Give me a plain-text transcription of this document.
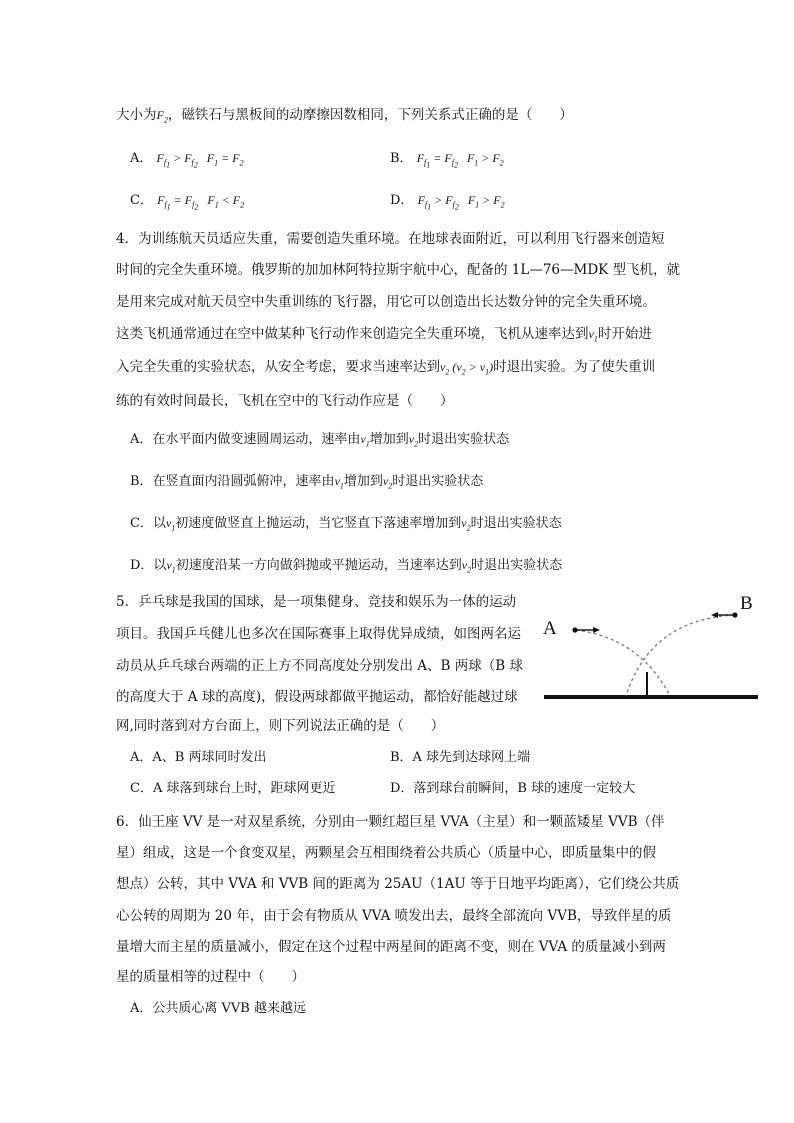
大小为$F_2$，磁铁石与黑板间的动摩擦因数相同，下列关系式正确的是（　　）
A． $F_{f_1} > F_{f_2}$   $F_1 = F_2$	B． $F_{f_1} = F_{f_2}$   $F_1 > F_2$
C． $F_{f_1} = F_{f_2}$   $F_1 < F_2$	D． $F_{f_1} > F_{f_2}$   $F_1 > F_2$
4．为训练航天员适应失重，需要创造失重环境。在地球表面附近，可以利用飞行器来创造短
时间的完全失重环境。俄罗斯的加加林阿特拉斯宇航中心，配备的 1L—76—MDK 型飞机，就
是用来完成对航天员空中失重训练的飞行器，用它可以创造出长达数分钟的完全失重环境。
这类飞机通常通过在空中做某种飞行动作来创造完全失重环境，飞机从速率达到$v_1$时开始进
入完全失重的实验状态，从安全考虑，要求当速率达到$v_2$ $(v_2 > v_1)$时退出实验。为了使失重训
练的有效时间最长，飞机在空中的飞行动作应是（　　）
A．在水平面内做变速圆周运动，速率由$v_1$增加到$v_2$时退出实验状态
B．在竖直面内沿圆弧俯冲，速率由$v_1$增加到$v_2$时退出实验状态
C．以$v_1$初速度做竖直上抛运动，当它竖直下落速率增加到$v_2$时退出实验状态
D．以$v_1$初速度沿某一方向做斜抛或平抛运动，当速率达到$v_2$时退出实验状态
5．乒乓球是我国的国球，是一项集健身、竞技和娱乐为一体的运动
项目。我国乒乓健儿也多次在国际赛事上取得优异成绩，如图两名运
动员从乒乓球台两端的正上方不同高度处分别发出 A、B 两球（B 球
的高度大于 A 球的高度)，假设两球都做平抛运动，都恰好能越过球
网,同时落到对方台面上，则下列说法正确的是（　　）
A．A、B 两球同时发出	B．A 球先到达球网上端
C．A 球落到球台上时，距球网更近	D．落到球台前瞬间，B 球的速度一定较大
A
B
6．仙王座 VV 是一对双星系统，分别由一颗红超巨星 VVA（主星）和一颗蓝矮星 VVB（伴
星）组成，这是一个食变双星，两颗星会互相围绕着公共质心（质量中心，即质量集中的假
想点）公转，其中 VVA 和 VVB 间的距离为 25AU（1AU 等于日地平均距离），它们绕公共质
心公转的周期为 20 年，由于会有物质从 VVA 喷发出去，最终全部流向 VVB，导致伴星的质
量增大而主星的质量减小，假定在这个过程中两星间的距离不变，则在 VVA 的质量减小到两
星的质量相等的过程中（　　）
A．公共质心离 VVB 越来越远
